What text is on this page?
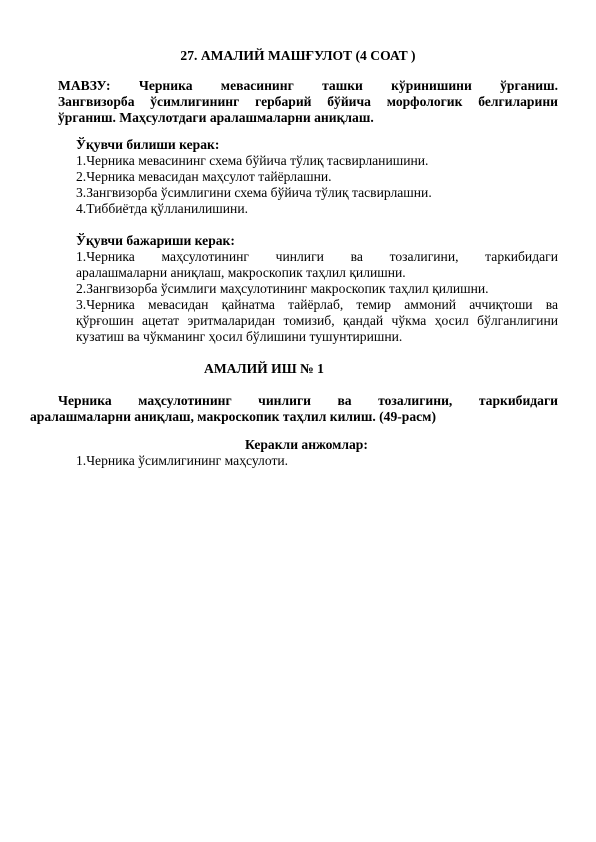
27. АМАЛИЙ МАШҒУЛОТ (4 СОАТ )
МАВЗУ: Черника мевасининг ташки кўринишини ўрганиш.
Зангвизорба ўсимлигининг гербарий бўйича морфологик белгиларини
ўрганиш. Маҳсулотдаги аралашмаларни аниқлаш.
Ўқувчи билиши керак:
1.Черника мевасининг схема бўйича тўлиқ тасвирланишини.
2.Черника мевасидан маҳсулот тайёрлашни.
3.Зангвизорба ўсимлигини схема бўйича тўлиқ тасвирлашни.
4.Тиббиётда қўлланилишини.
Ўқувчи бажариши керак:
1.Черника маҳсулотининг чинлиги ва тозалигини, таркибидаги
аралашмаларни аниқлаш, макроскопик таҳлил қилишни.
2.Зангвизорба ўсимлиги маҳсулотининг макроскопик таҳлил қилишни.
3.Черника мевасидан қайнатма тайёрлаб, темир аммоний аччиқтоши ва
қўрғошин ацетат эритмаларидан томизиб, қандай чўкма ҳосил бўлганлигини
кузатиш ва чўкманинг ҳосил бўлишини тушунтиришни.
АМАЛИЙ ИШ № 1
Черника маҳсулотининг чинлиги ва тозалигини, таркибидаги
аралашмаларни аниқлаш, макроскопик таҳлил килиш. (49-расм)
Керакли анжомлар:
1.Черника ўсимлигининг маҳсулоти.
